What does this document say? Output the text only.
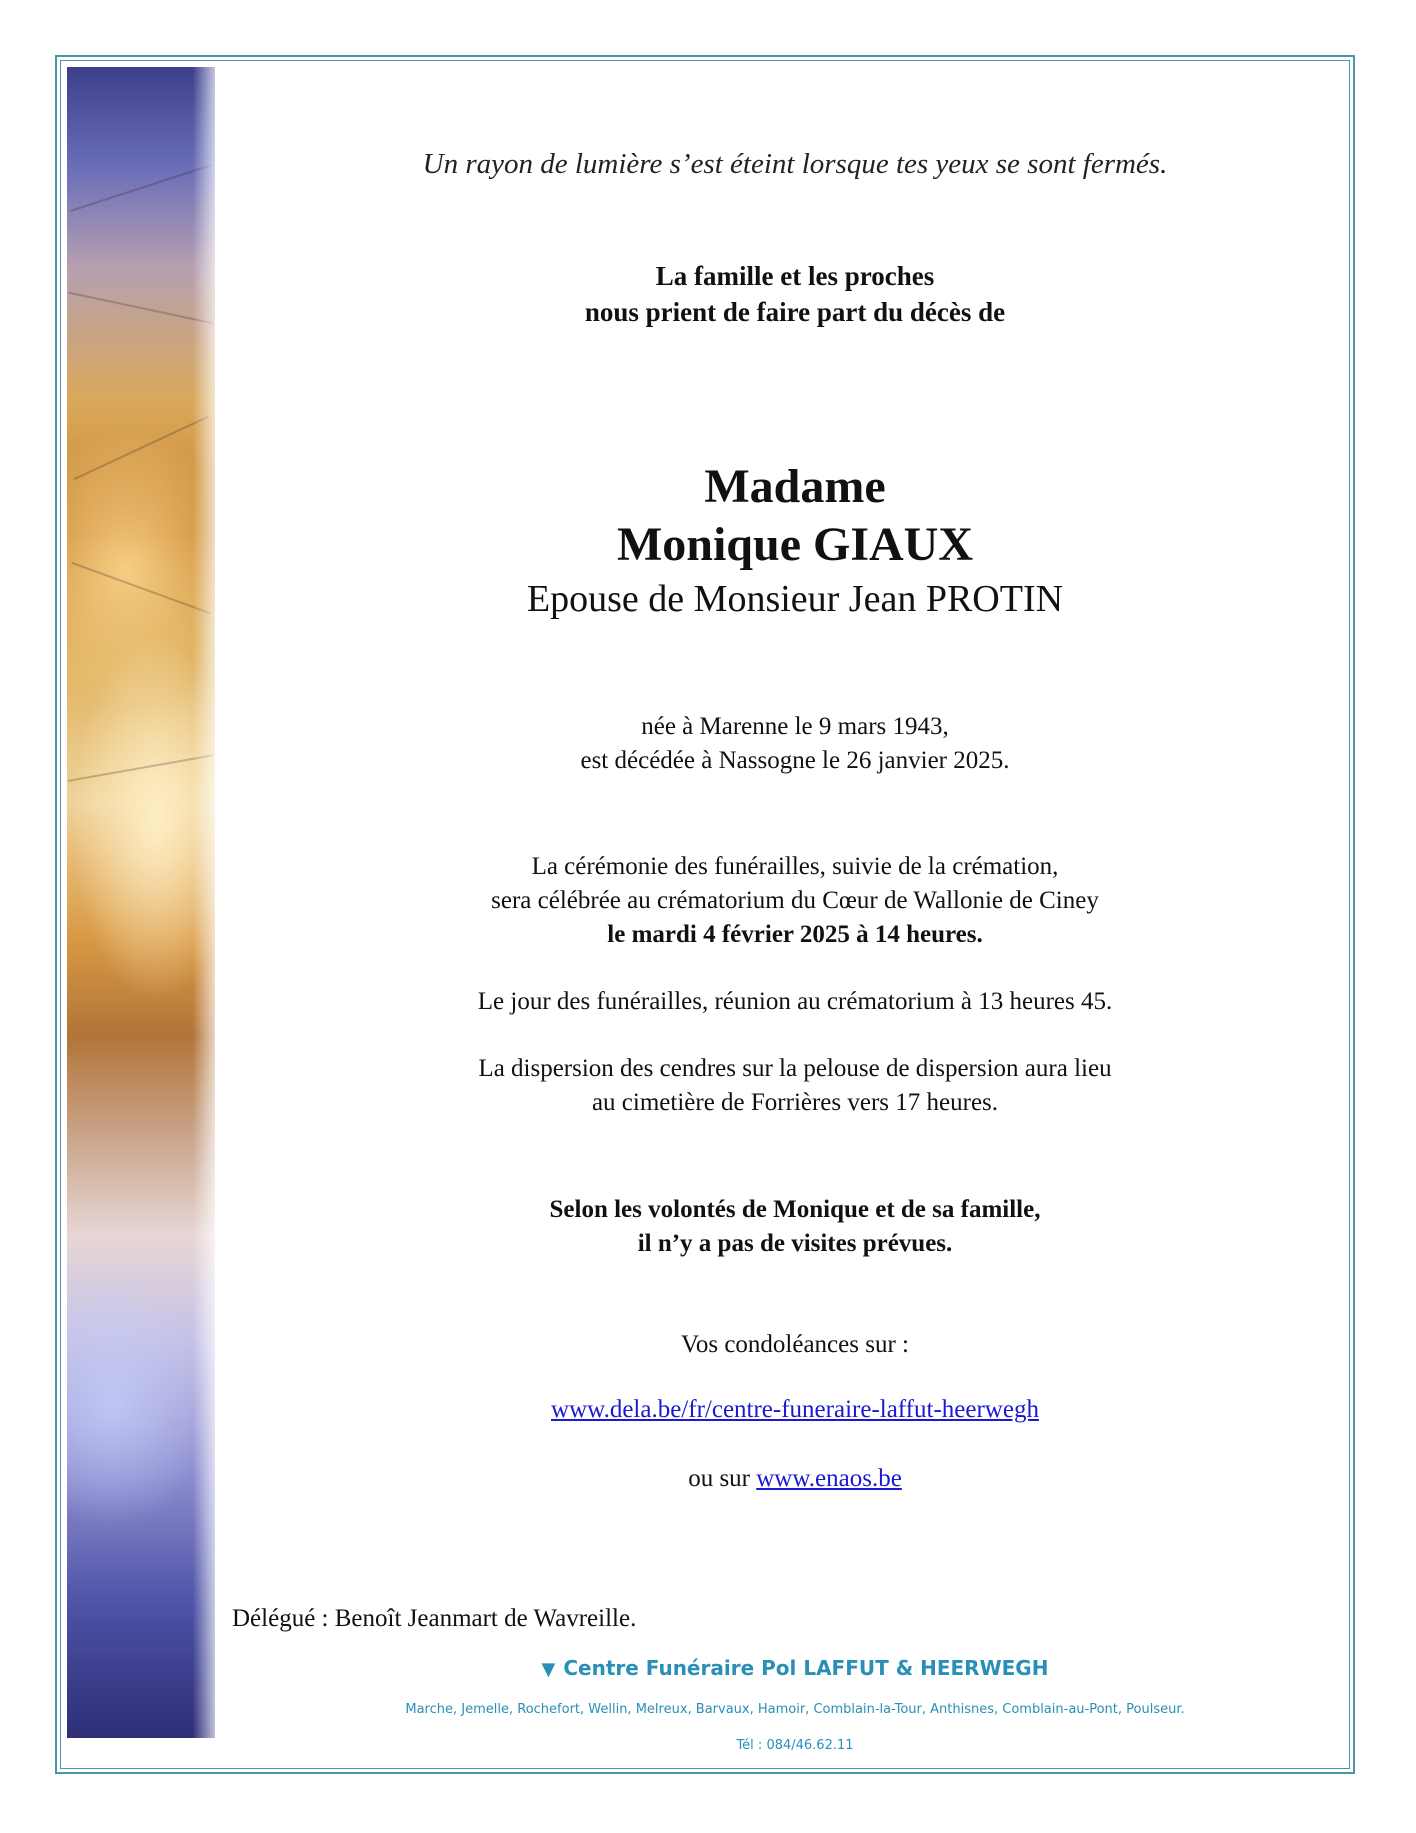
Un rayon de lumière s’est éteint lorsque tes yeux se sont fermés.
La famille et les proches
nous prient de faire part du décès de
Madame
Monique GIAUX
Epouse de Monsieur Jean PROTIN
née à Marenne le 9 mars 1943,
est décédée à Nassogne le 26 janvier 2025.
La cérémonie des funérailles, suivie de la crémation,
sera célébrée au crématorium du Cœur de Wallonie de Ciney
le mardi 4 février 2025 à 14 heures.
Le jour des funérailles, réunion au crématorium à 13 heures 45.
La dispersion des cendres sur la pelouse de dispersion aura lieu
au cimetière de Forrières vers 17 heures.
Selon les volontés de Monique et de sa famille,
il n’y a pas de visites prévues.
Vos condoléances sur :
www.dela.be/fr/centre-funeraire-laffut-heerwegh
ou sur www.enaos.be
Délégué : Benoît Jeanmart de Wavreille.
▼ Centre Funéraire Pol LAFFUT & HEERWEGH
Marche, Jemelle, Rochefort, Wellin, Melreux, Barvaux, Hamoir, Comblain-la-Tour, Anthisnes, Comblain-au-Pont, Poulseur.
Tél : 084/46.62.11
